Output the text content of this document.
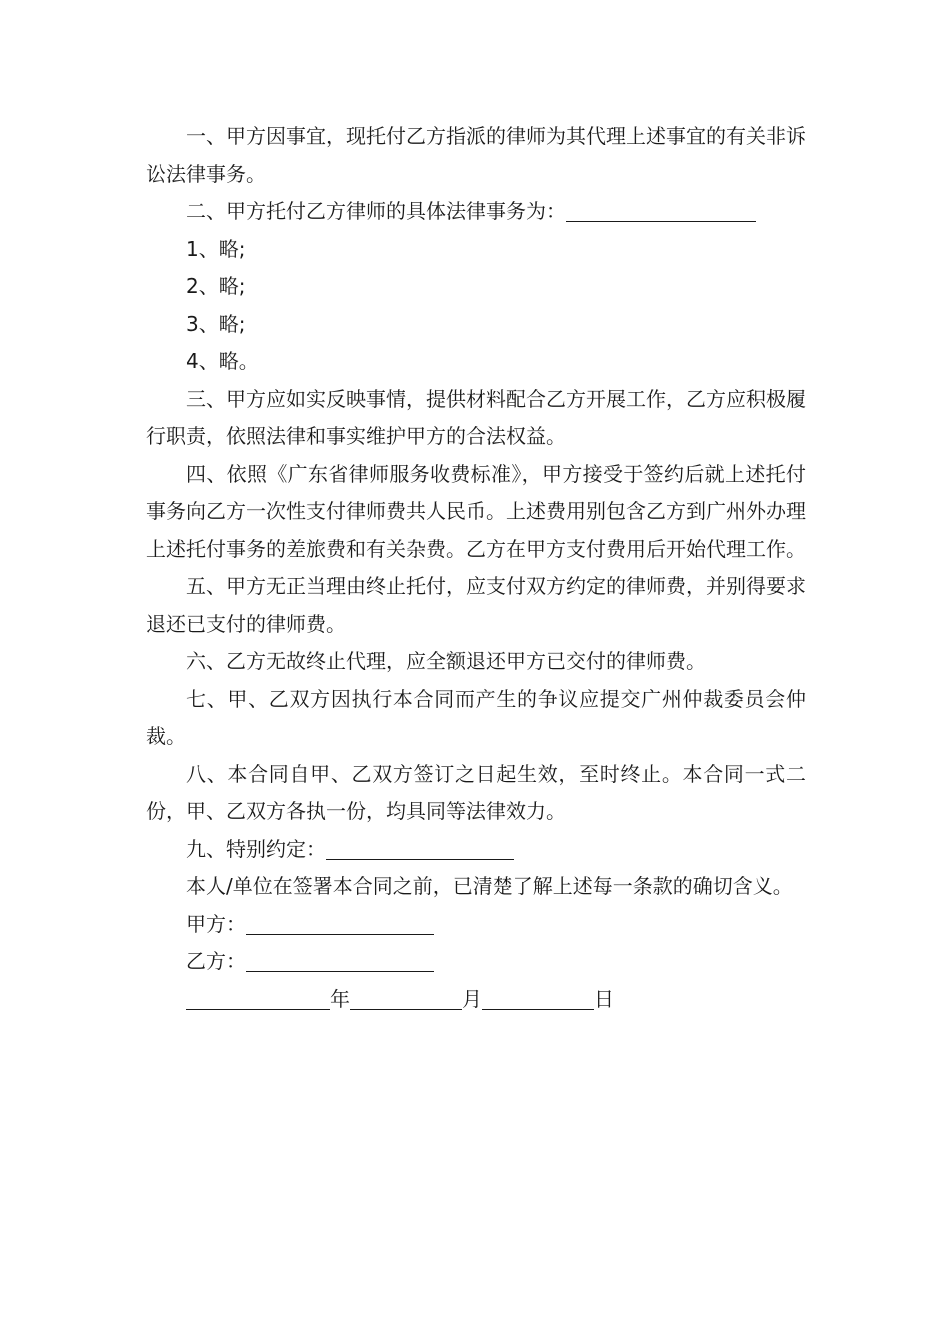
一、甲方因事宜，现托付乙方指派的律师为其代理上述事宜的有关非诉讼法律事务。

二、甲方托付乙方律师的具体法律事务为：

1、略;

2、略;

3、略;

4、略。

三、甲方应如实反映事情，提供材料配合乙方开展工作，乙方应积极履行职责，依照法律和事实维护甲方的合法权益。

四、依照《广东省律师服务收费标准》，甲方接受于签约后就上述托付事务向乙方一次性支付律师费共人民币。上述费用别包含乙方到广州外办理上述托付事务的差旅费和有关杂费。乙方在甲方支付费用后开始代理工作。

五、甲方无正当理由终止托付，应支付双方约定的律师费，并别得要求退还已支付的律师费。

六、乙方无故终止代理，应全额退还甲方已交付的律师费。

七、甲、乙双方因执行本合同而产生的争议应提交广州仲裁委员会仲裁。

八、本合同自甲、乙双方签订之日起生效，至时终止。本合同一式二份，甲、乙双方各执一份，均具同等法律效力。

九、特别约定：

本人/单位在签署本合同之前，已清楚了解上述每一条款的确切含义。

甲方：

乙方：

年	月	日
